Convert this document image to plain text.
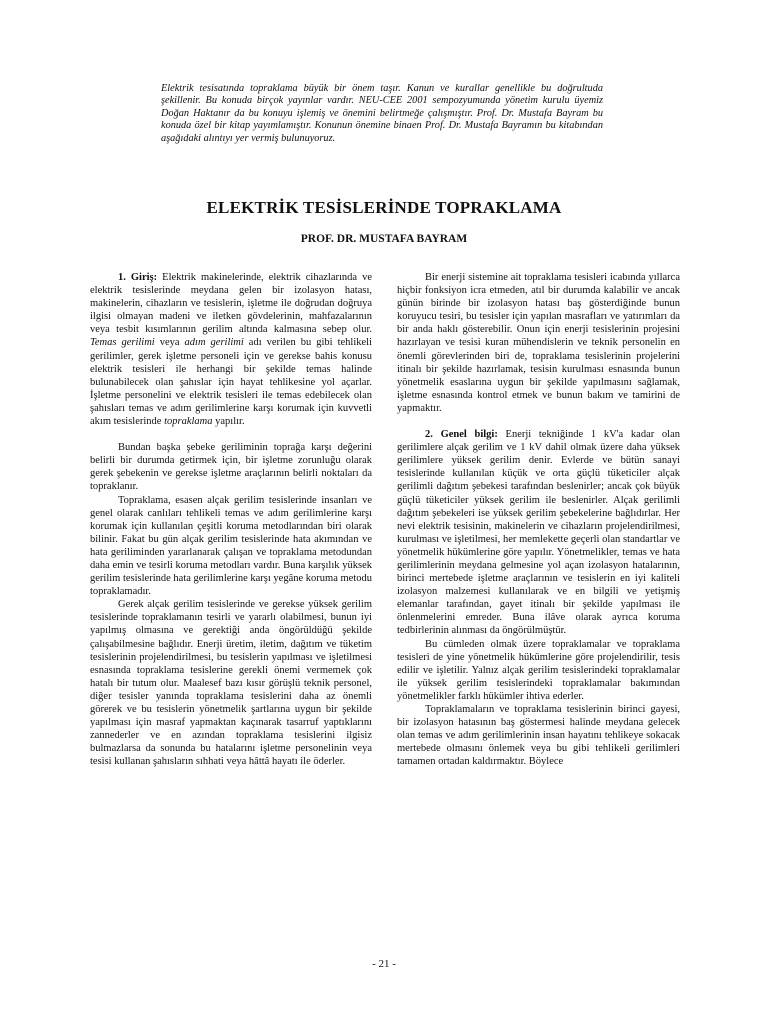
Elektrik tesisatında topraklama büyük bir önem taşır. Kanun ve kurallar genellikle bu doğrultuda şekillenir. Bu konuda birçok yayınlar vardır. NEU-CEE 2001 sempozyumunda yönetim kurulu üyemiz Doğan Haktanır da bu konuyu işlemiş ve önemini belirtmeğe çalışmıştır. Prof. Dr. Mustafa Bayram bu konuda özel bir kitap yayımlamıştır. Konunun önemine binaen Prof. Dr. Mustafa Bayramın bu kitabından aşağıdaki alıntıyı yer vermiş bulunuyoruz.

ELEKTRİK TESİSLERİNDE TOPRAKLAMA
PROF. DR. MUSTAFA BAYRAM

1. Giriş: Elektrik makinelerinde, elektrik cihazlarında ve elektrik tesislerinde meydana gelen bir izolasyon hatası, makinelerin, cihazların ve tesislerin, işletme ile doğrudan doğruya ilgisi olmayan madeni ve iletken gövdelerinin, mahfazalarının veya tesbit kısımlarının gerilim altında kalmasına sebep olur. Temas gerilimi veya adım gerilimi adı verilen bu gibi tehlikeli gerilimler, gerek işletme personeli için ve gerekse bahis konusu elektrik tesisleri ile herhangi bir şekilde temas halinde bulunabilecek olan şahıslar için hayat tehlikesine yol açarlar. İşletme personelini ve elektrik tesisleri ile temas edebilecek olan şahısları temas ve adım gerilimlerine karşı korumak için kuvvetli akım tesislerinde topraklama yapılır.

Bundan başka şebeke geriliminin toprağa karşı değerini belirli bir durumda getirmek için, bir işletme zorunluğu olarak gerek şebekenin ve gerekse işletme araçlarının belirli noktaları da topraklanır.

Topraklama, esasen alçak gerilim tesislerinde insanları ve genel olarak canlıları tehlikeli temas ve adım gerilimlerine karşı korumak için kullanılan çeşitli koruma metodlarından biri olarak bilinir. Fakat bu gün alçak gerilim tesislerinde hata akımından ve hata geriliminden yararlanarak çalışan ve topraklama metodundan daha emin ve tesirli koruma metodları vardır. Buna karşılık yüksek gerilim tesislerinde hata gerilimlerine karşı yegâne koruma metodu topraklamadır.

Gerek alçak gerilim tesislerinde ve gerekse yüksek gerilim tesislerinde topraklamanın tesirli ve yararlı olabilmesi, bunun iyi yapılmış olmasına ve gerektiği anda öngörüldüğü şekilde çalışabilmesine bağlıdır. Enerji üretim, iletim, dağıtım ve tüketim tesislerinin projelendirilmesi, bu tesislerin yapılması ve işletilmesi esnasında topraklama tesislerine gerekli önemi vermemek çok hatalı bir tutum olur. Maalesef bazı kısır görüşlü teknik personel, diğer tesisler yanında topraklama tesislerini daha az önemli görerek ve bu tesislerin yönetmelik şartlarına uygun bir şekilde yapılması için masraf yapmaktan kaçınarak tasarruf yaptıklarını zannederler ve en azından topraklama tesislerini ilgisiz bulmazlarsa da sonunda bu hatalarını işletme personelinin veya tesisi kullanan şahısların sıhhati veya hâttâ hayatı ile öderler.

Bir enerji sistemine ait topraklama tesisleri icabında yıllarca hiçbir fonksiyon icra etmeden, atıl bir durumda kalabilir ve ancak günün birinde bir izolasyon hatası baş gösterdiğinde bunun koruyucu tesiri, bu tesisler için yapılan masrafları ve yatırımları da bir anda haklı gösterebilir. Onun için enerji tesislerinin projesini hazırlayan ve tesisi kuran mühendislerin ve teknik personelin en önemli görevlerinden biri de, topraklama tesislerinin projelerini itinalı bir şekilde hazırlamak, tesisin kurulması esnasında bunun yönetmelik esaslarına uygun bir şekilde yapılmasını sağlamak, işletme esnasında kontrol etmek ve bunun bakım ve tamirini de yapmaktır.

2. Genel bilgi: Enerji tekniğinde 1 kV'a kadar olan gerilimlere alçak gerilim ve 1 kV dahil olmak üzere daha yüksek gerilimlere yüksek gerilim denir. Evlerde ve bütün sanayi tesislerinde kullanılan küçük ve orta güçlü tüketiciler alçak gerilimli dağıtım şebekesi tarafından beslenirler; ancak çok büyük güçlü tüketiciler yüksek gerilim ile beslenirler. Alçak gerilimli dağıtım şebekeleri ise yüksek gerilim şebekelerine bağlıdırlar. Her nevi elektrik tesisinin, makinelerin ve cihazların projelendirilmesi, kurulması ve işletilmesi, her memlekette geçerli olan standartlar ve yönetmelik hükümlerine göre yapılır. Yönetmelikler, temas ve hata gerilimlerinin meydana gelmesine yol açan izolasyon hatalarının, birinci mertebede işletme araçlarının ve tesislerin en iyi kaliteli izolasyon malzemesi kullanılarak ve en bilgili ve yetişmiş elemanlar tarafından, gayet itinalı bir şekilde yapılması ile önlenmelerini emreder. Buna ilâve olarak ayrıca koruma tedbirlerinin alınması da öngörülmüştür.

Bu cümleden olmak üzere topraklamalar ve topraklama tesisleri de yine yönetmelik hükümlerine göre projelendirilir, tesis edilir ve işletilir. Yalnız alçak gerilim tesislerindeki topraklamalar ile yüksek gerilim tesislerindeki topraklamalar bakımından yönetmelikler farklı hükümler ihtiva ederler.

Topraklamaların ve topraklama tesislerinin birinci gayesi, bir izolasyon hatasının baş göstermesi halinde meydana gelecek olan temas ve adım gerilimlerinin insan hayatını tehlikeye sokacak mertebede olmasını önlemek veya bu gibi tehlikeli gerilimleri tamamen ortadan kaldırmaktır. Böylece

- 21 -
